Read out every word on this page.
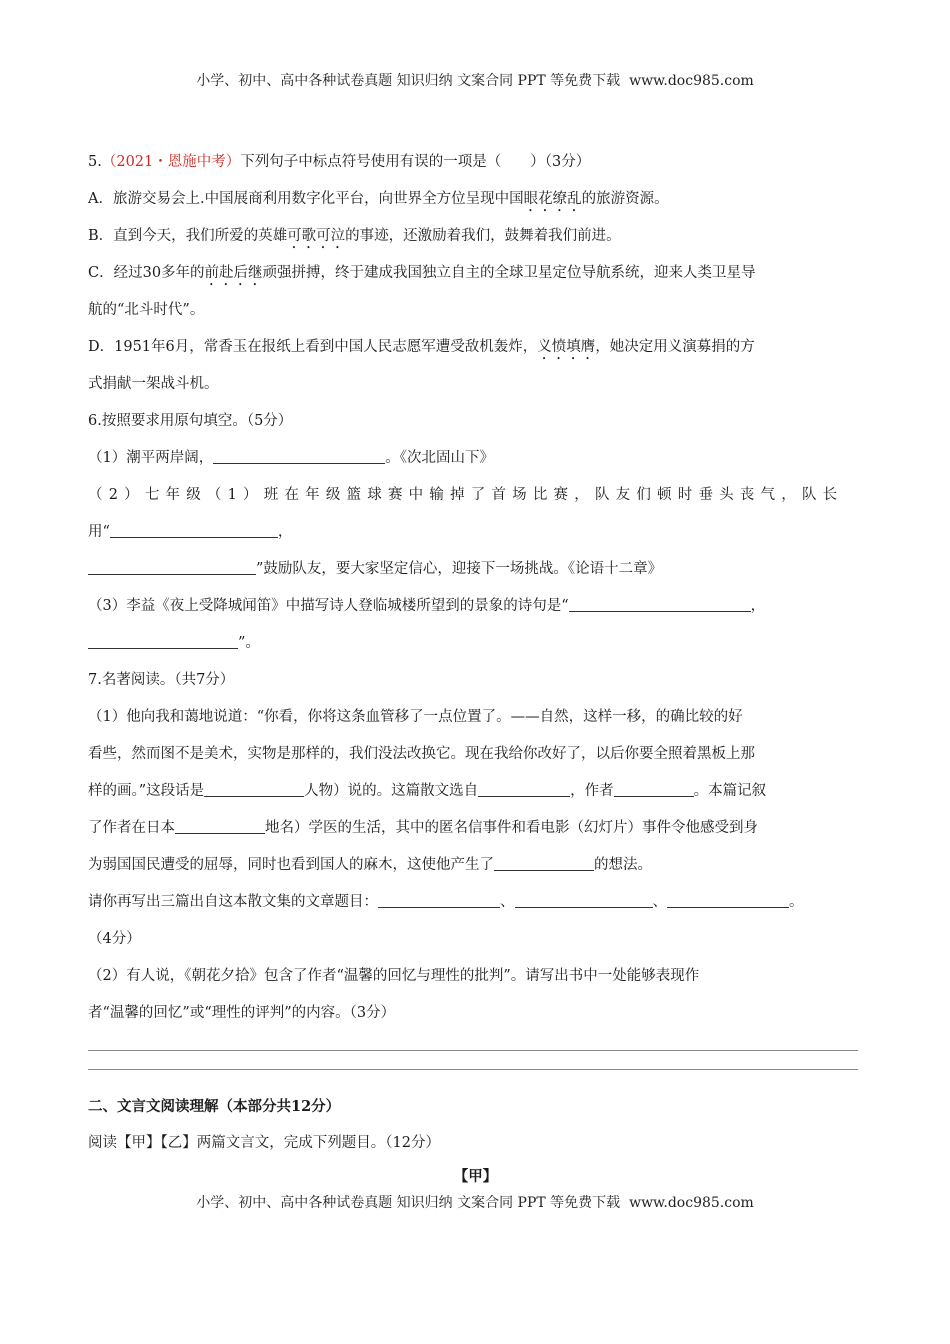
小学、初中、高中各种试卷真题 知识归纳 文案合同 PPT 等免费下载 www.doc985.com
5.（2021・恩施中考）下列句子中标点符号使用有误的一项是（　　）（3分）
A．旅游交易会上.中国展商利用数字化平台，向世界全方位呈现中国眼花缭乱的旅游资源。
B．直到今天，我们所爱的英雄可歌可泣的事迹，还激励着我们，鼓舞着我们前进。
C．经过30多年的前赴后继顽强拼搏，终于建成我国独立自主的全球卫星定位导航系统，迎来人类卫星导
航的“北斗时代”。
D．1951年6月，常香玉在报纸上看到中国人民志愿军遭受敌机轰炸，义愤填膺，她决定用义演募捐的方
式捐献一架战斗机。
6.按照要求用原句填空。（5分）
（1）潮平两岸阔，	。《次北固山下》
（2）七年级（1）班在年级篮球赛中输掉了首场比赛，队友们顿时垂头丧气，队长
用“	，
”鼓励队友，要大家坚定信心，迎接下一场挑战。《论语十二章》
（3）李益《夜上受降城闻笛》中描写诗人登临城楼所望到的景象的诗句是“	，
”。
7.名著阅读。（共7分）
（1）他向我和蔼地说道：“你看，你将这条血管移了一点位置了。——自然，这样一移，的确比较的好
看些，然而图不是美术，实物是那样的，我们没法改换它。现在我给你改好了，以后你要全照着黑板上那
样的画。”这段话是	人物）说的。这篇散文选自	，作者	。本篇记叙
了作者在日本	地名）学医的生活，其中的匿名信事件和看电影（幻灯片）事件令他感受到身
为弱国国民遭受的屈辱，同时也看到国人的麻木，这使他产生了	的想法。
请你再写出三篇出自这本散文集的文章题目：	、	、	。
（4分）
（2）有人说，《朝花夕拾》包含了作者“温馨的回忆与理性的批判”。请写出书中一处能够表现作
者“温馨的回忆”或“理性的评判”的内容。（3分）
二、文言文阅读理解（本部分共12分）
阅读【甲】【乙】两篇文言文，完成下列题目。（12分）
【甲】
小学、初中、高中各种试卷真题 知识归纳 文案合同 PPT 等免费下载 www.doc985.com
